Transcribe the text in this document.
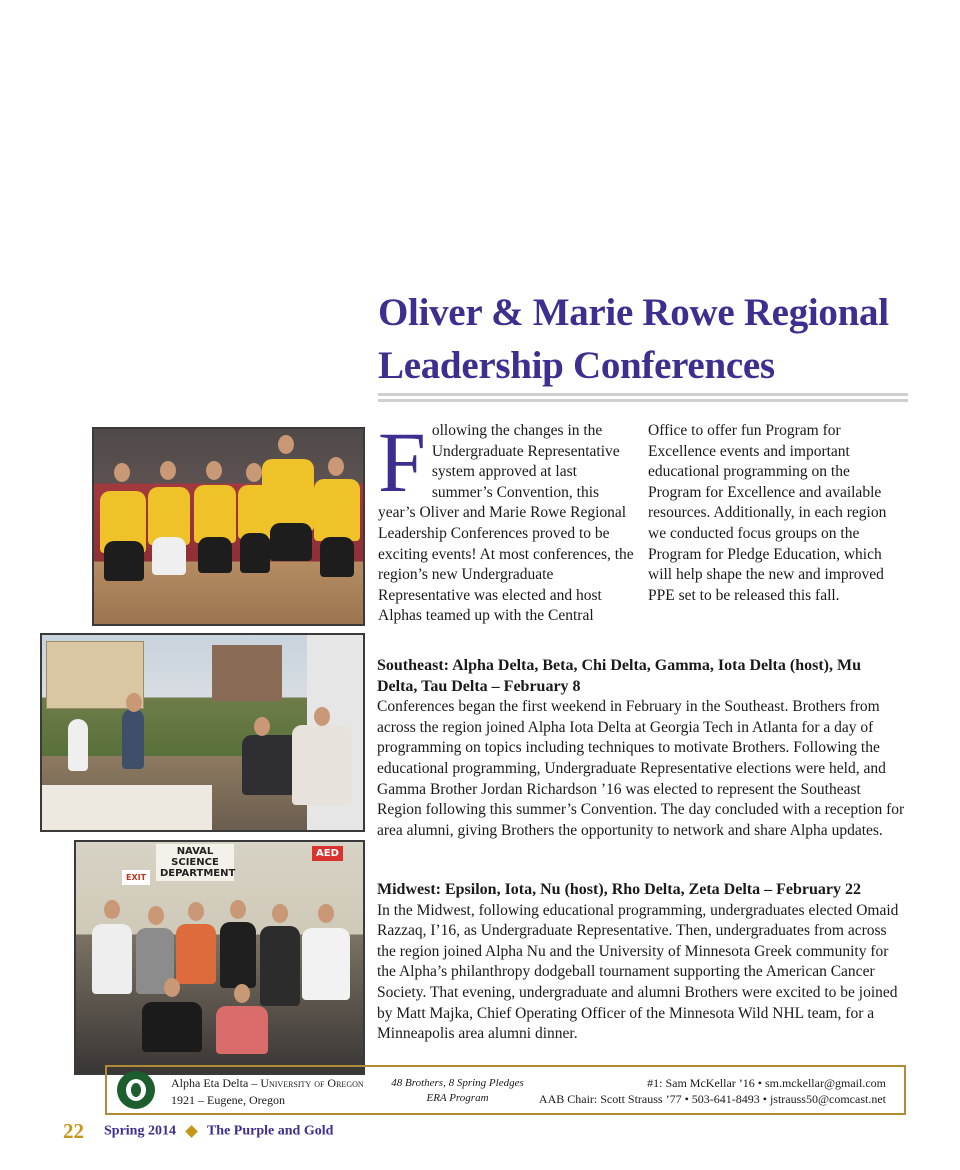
Oliver & Marie Rowe Regional Leadership Conferences
Following the changes in the Undergraduate Representative system approved at last summer’s Convention, this year’s Oliver and Marie Rowe Regional Leadership Conferences proved to be exciting events! At most conferences, the region’s new Undergraduate Representative was elected and host Alphas teamed up with the Central
Office to offer fun Program for Excellence events and important educational programming on the Program for Excellence and available resources. Additionally, in each region we conducted focus groups on the Program for Pledge Education, which will help shape the new and improved PPE set to be released this fall.
NAVAL SCIENCE DEPARTMENT
AED
EXIT
Southeast: Alpha Delta, Beta, Chi Delta, Gamma, Iota Delta (host), Mu Delta, Tau Delta – February 8

Conferences began the first weekend in February in the Southeast. Brothers from across the region joined Alpha Iota Delta at Georgia Tech in Atlanta for a day of programming on topics including techniques to motivate Brothers. Following the educational programming, Undergraduate Representative elections were held, and Gamma Brother Jordan Richardson ’16 was elected to represent the Southeast Region following this summer’s Convention. The day concluded with a reception for area alumni, giving Brothers the opportunity to network and share Alpha updates.

Midwest: Epsilon, Iota, Nu (host), Rho Delta, Zeta Delta – February 22

In the Midwest, following educational programming, undergraduates elected Omaid Razzaq, I’16, as Undergraduate Representative. Then, undergraduates from across the region joined Alpha Nu and the University of Minnesota Greek community for the Alpha’s philanthropy dodgeball tournament supporting the American Cancer Society. That evening, undergraduate and alumni Brothers were excited to be joined by Matt Majka, Chief Operating Officer of the Minnesota Wild NHL team, for a Minneapolis area alumni dinner.

Alpha Eta Delta – University of Oregon
1921 – Eugene, Oregon
48 Brothers, 8 Spring Pledges
ERA Program
#1: Sam McKellar ’16 • sm.mckellar@gmail.com
AAB Chair: Scott Strauss ’77 • 503-641-8493 • jstrauss50@comcast.net
22 Spring 2014 The Purple and Gold
